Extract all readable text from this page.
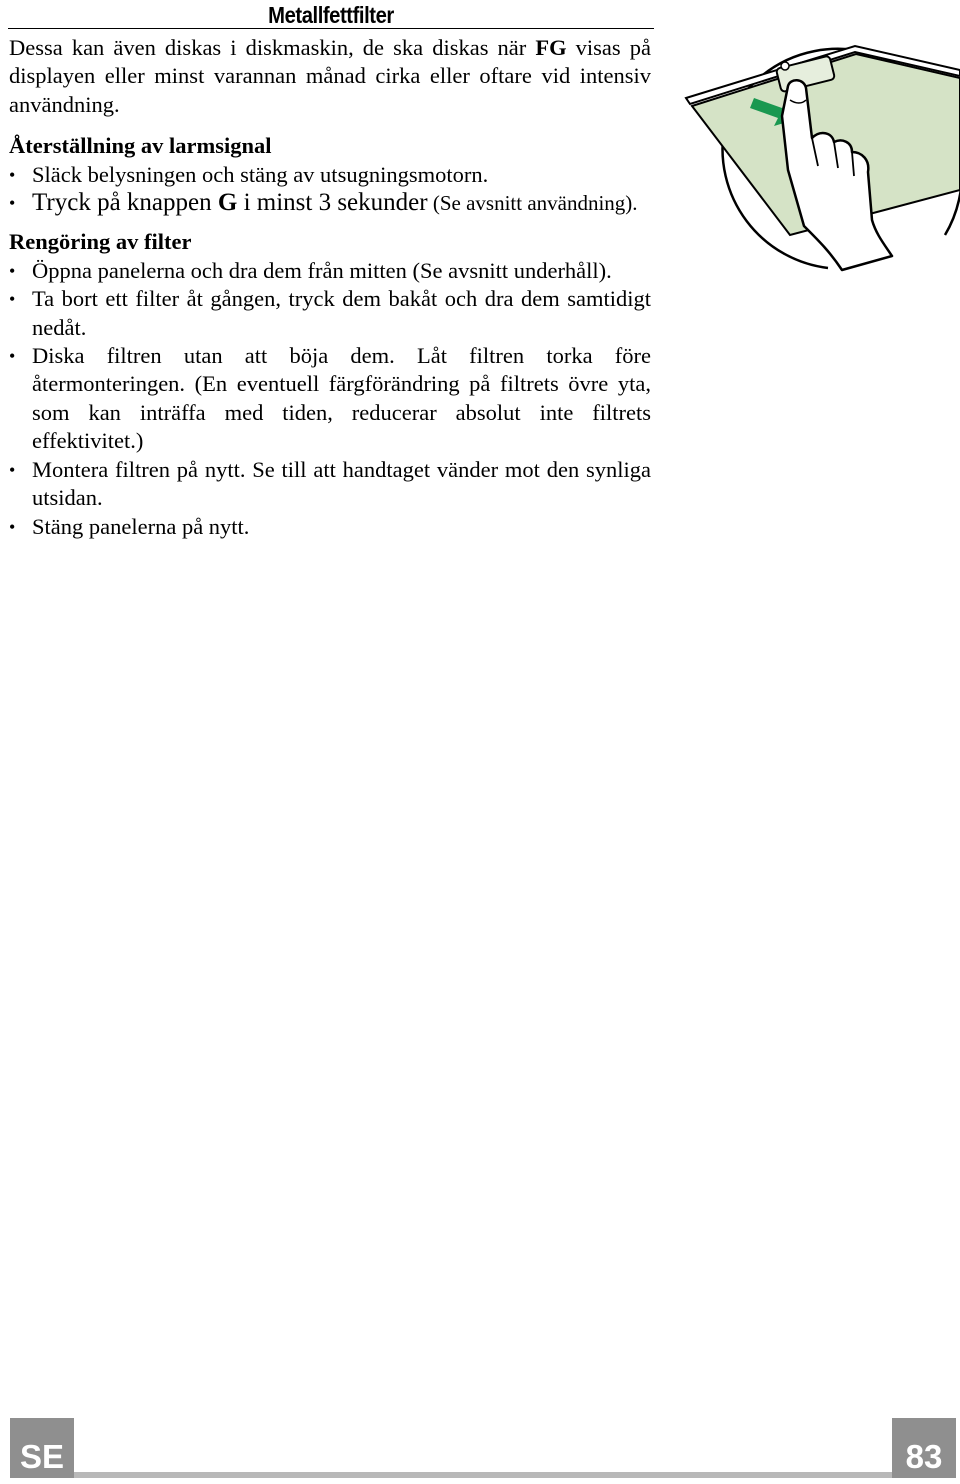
Metallfettfilter

Dessa kan även diskas i diskmaskin, de ska diskas när FG visas på displayen eller minst varannan månad cirka eller oftare vid intensiv användning.

Återställning av larmsignal
• Släck belysningen och stäng av utsugningsmotorn.
• Tryck på knappen G i minst 3 sekunder (Se avsnitt användning).
Rengöring av filter
• Öppna panelerna och dra dem från mitten (Se avsnitt underhåll).
• Ta bort ett filter åt gången, tryck dem bakåt och dra dem samtidigt nedåt.
• Diska filtren utan att böja dem. Låt filtren torka före återmonteringen. (En eventuell färgförändring på filtrets övre yta, som kan inträffa med tiden, reducerar absolut inte filtrets effektivitet.)
• Montera filtren på nytt. Se till att handtaget vänder mot den synliga utsidan.
• Stäng panelerna på nytt.
SE	83
